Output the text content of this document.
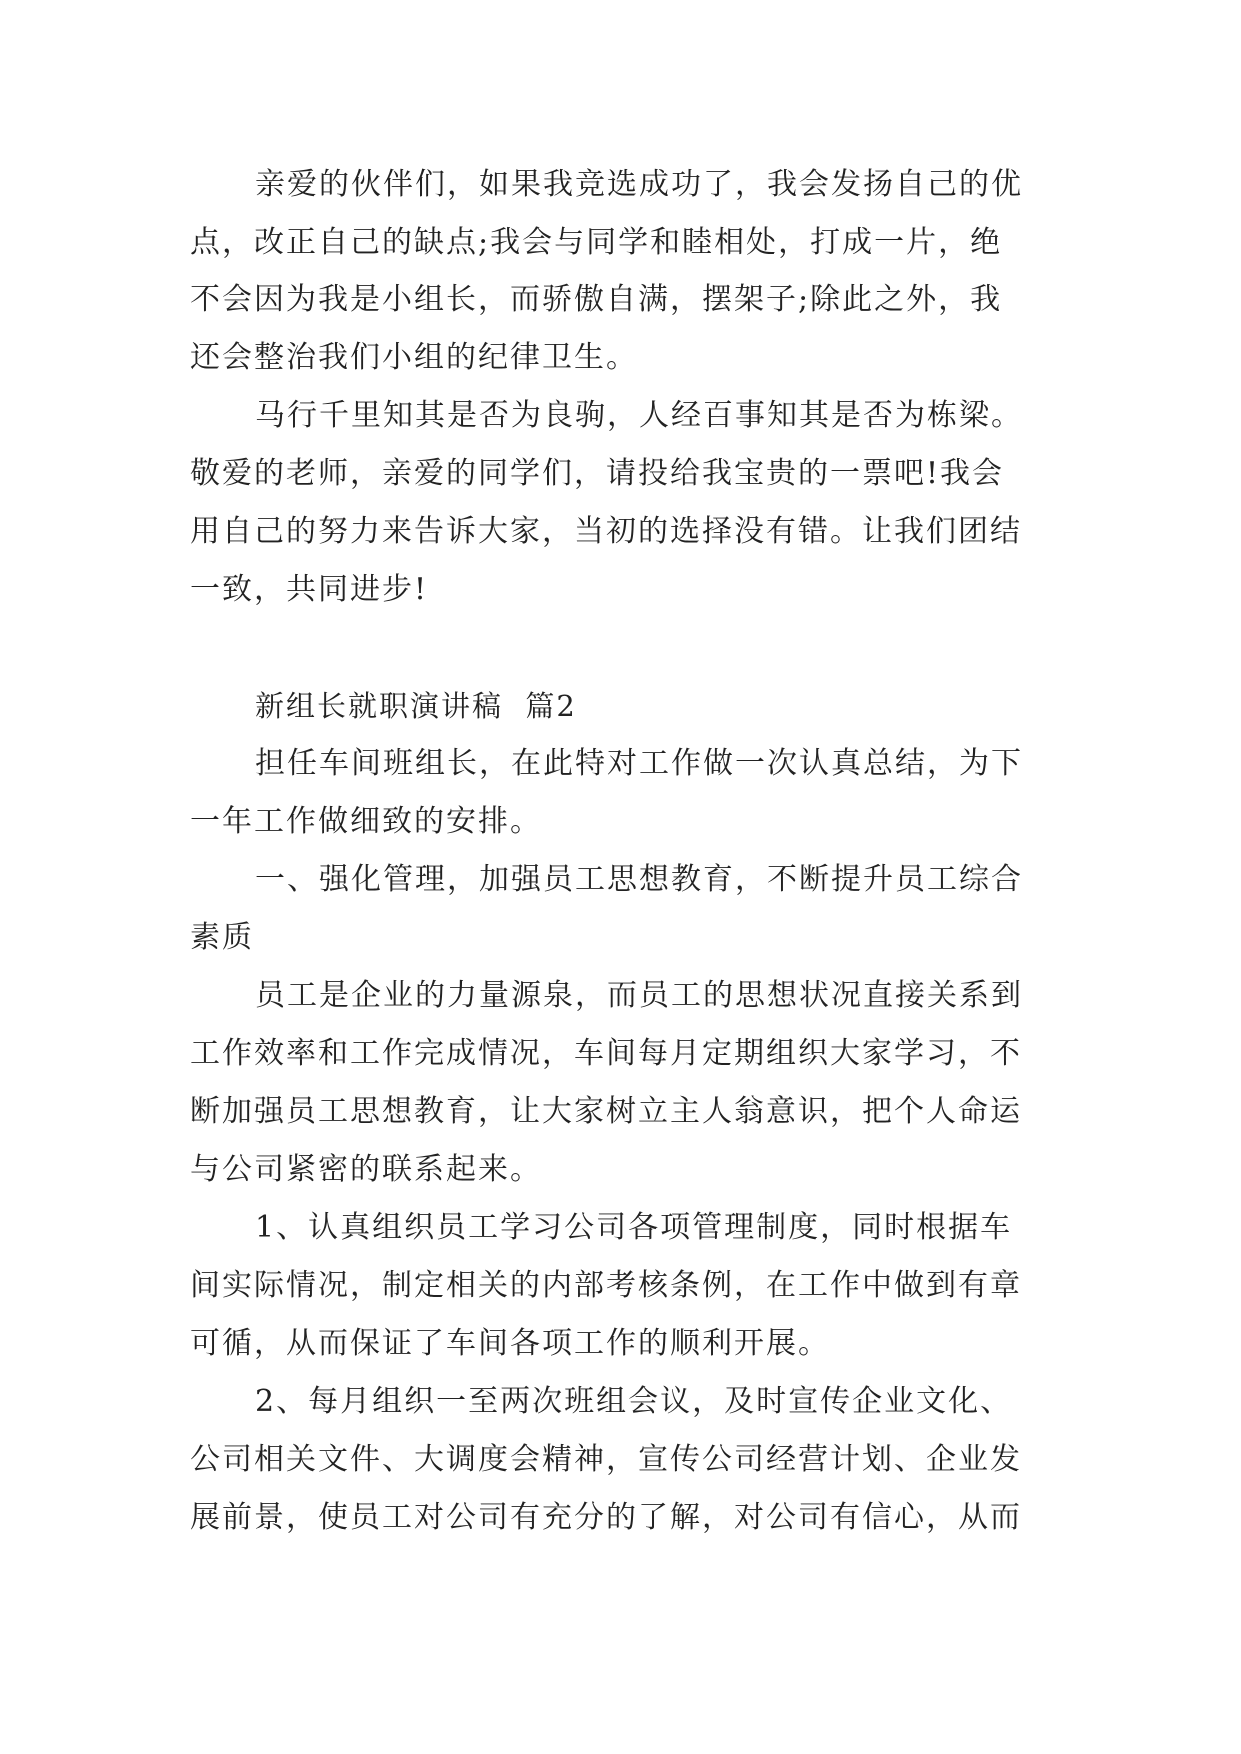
亲爱的伙伴们，如果我竞选成功了，我会发扬自己的优
点，改正自己的缺点;我会与同学和睦相处，打成一片，绝
不会因为我是小组长，而骄傲自满，摆架子;除此之外，我
还会整治我们小组的纪律卫生。
马行千里知其是否为良驹，人经百事知其是否为栋梁。
敬爱的老师，亲爱的同学们，请投给我宝贵的一票吧!我会
用自己的努力来告诉大家，当初的选择没有错。让我们团结
一致，共同进步!
新组长就职演讲稿  篇2
担任车间班组长，在此特对工作做一次认真总结，为下
一年工作做细致的安排。
一、强化管理，加强员工思想教育，不断提升员工综合
素质
员工是企业的力量源泉，而员工的思想状况直接关系到
工作效率和工作完成情况，车间每月定期组织大家学习，不
断加强员工思想教育，让大家树立主人翁意识，把个人命运
与公司紧密的联系起来。
1、认真组织员工学习公司各项管理制度，同时根据车
间实际情况，制定相关的内部考核条例，在工作中做到有章
可循，从而保证了车间各项工作的顺利开展。
2、每月组织一至两次班组会议，及时宣传企业文化、
公司相关文件、大调度会精神，宣传公司经营计划、企业发
展前景，使员工对公司有充分的了解，对公司有信心，从而
